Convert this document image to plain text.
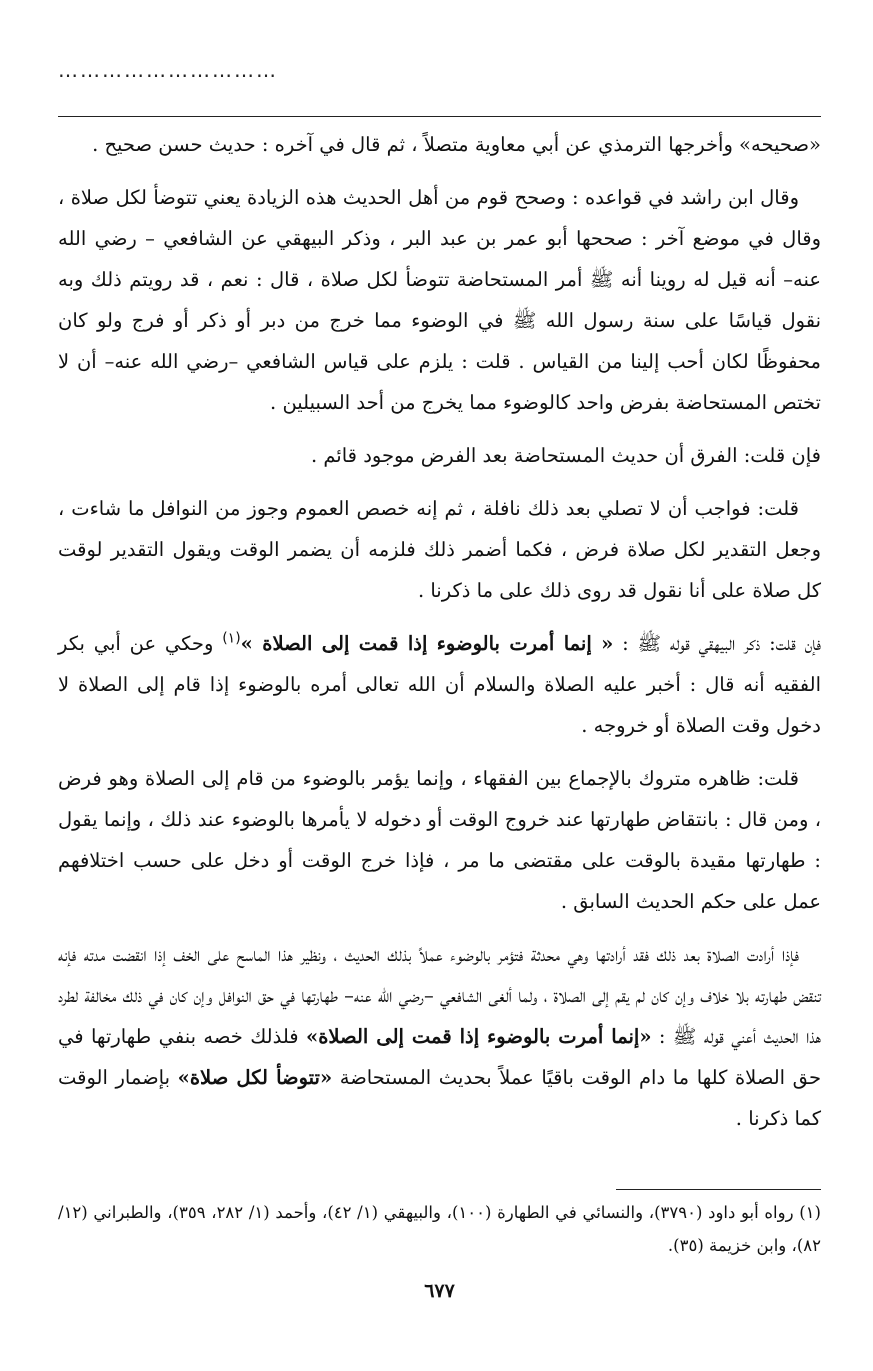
…………………………

«صحيحه» وأخرجها الترمذي عن أبي معاوية متصلاً ، ثم قال في آخره : حديث حسن صحيح .

وقال ابن راشد في قواعده : وصحح قوم من أهل الحديث هذه الزيادة يعني تتوضأ لكل صلاة ، وقال في موضع آخر : صححها أبو عمر بن عبد البر ، وذكر البيهقي عن الشافعي – رضي الله عنه– أنه قيل له روينا أنه ﷺ أمر المستحاضة تتوضأ لكل صلاة ، قال : نعم ، قد رويتم ذلك وبه نقول قياسًا على سنة رسول الله ﷺ في الوضوء مما خرج من دبر أو ذكر أو فرج ولو كان محفوظًا لكان أحب إلينا من القياس . قلت : يلزم على قياس الشافعي –رضي الله عنه– أن لا تختص المستحاضة بفرض واحد كالوضوء مما يخرج من أحد السبيلين .

فإن قلت: الفرق أن حديث المستحاضة بعد الفرض موجود قائم .

قلت: فواجب أن لا تصلي بعد ذلك نافلة ، ثم إنه خصص العموم وجوز من النوافل ما شاءت ، وجعل التقدير لكل صلاة فرض ، فكما أضمر ذلك فلزمه أن يضمر الوقت ويقول التقدير لوقت كل صلاة على أنا نقول قد روى ذلك على ما ذكرنا .

فإن قلت: ذكر البيهقي قوله ﷺ : « إنما أمرت بالوضوء إذا قمت إلى الصلاة »$^{(١)}$ وحكي عن أبي بكر الفقيه أنه قال : أخبر عليه الصلاة والسلام أن الله تعالى أمره بالوضوء إذا قام إلى الصلاة لا دخول وقت الصلاة أو خروجه .

قلت: ظاهره متروك بالإجماع بين الفقهاء ، وإنما يؤمر بالوضوء من قام إلى الصلاة وهو فرض ، ومن قال : بانتقاض طهارتها عند خروج الوقت أو دخوله لا يأمرها بالوضوء عند ذلك ، وإنما يقول : طهارتها مقيدة بالوقت على مقتضى ما مر ، فإذا خرج الوقت أو دخل على حسب اختلافهم عمل على حكم الحديث السابق .

فإذا أرادت الصلاة بعد ذلك فقد أرادتها وهي محدثة فتؤمر بالوضوء عملاً بذلك الحديث ، ونظير هذا الماسح على الخف إذا انقضت مدته فإنه تنقض طهارته بلا خلاف وإن كان لم يقم إلى الصلاة ، ولما ألغى الشافعي –رضي الله عنه– طهارتها في حق النوافل وإن كان في ذلك مخالفة لطرد هذا الحديث أعني قوله ﷺ : «إنما أمرت بالوضوء إذا قمت إلى الصلاة» فلذلك خصه بنفي طهارتها في حق الصلاة كلها ما دام الوقت باقيًا عملاً بحديث المستحاضة «تتوضأ لكل صلاة» بإضمار الوقت كما ذكرنا .

(١) رواه أبو داود (٣٧٩٠)، والنسائي في الطهارة (١٠٠)، والبيهقي (١/ ٤٢)، وأحمد (١/ ٢٨٢، ٣٥٩)، والطبراني (١٢/ ٨٢)، وابن خزيمة (٣٥).

٦٧٧
